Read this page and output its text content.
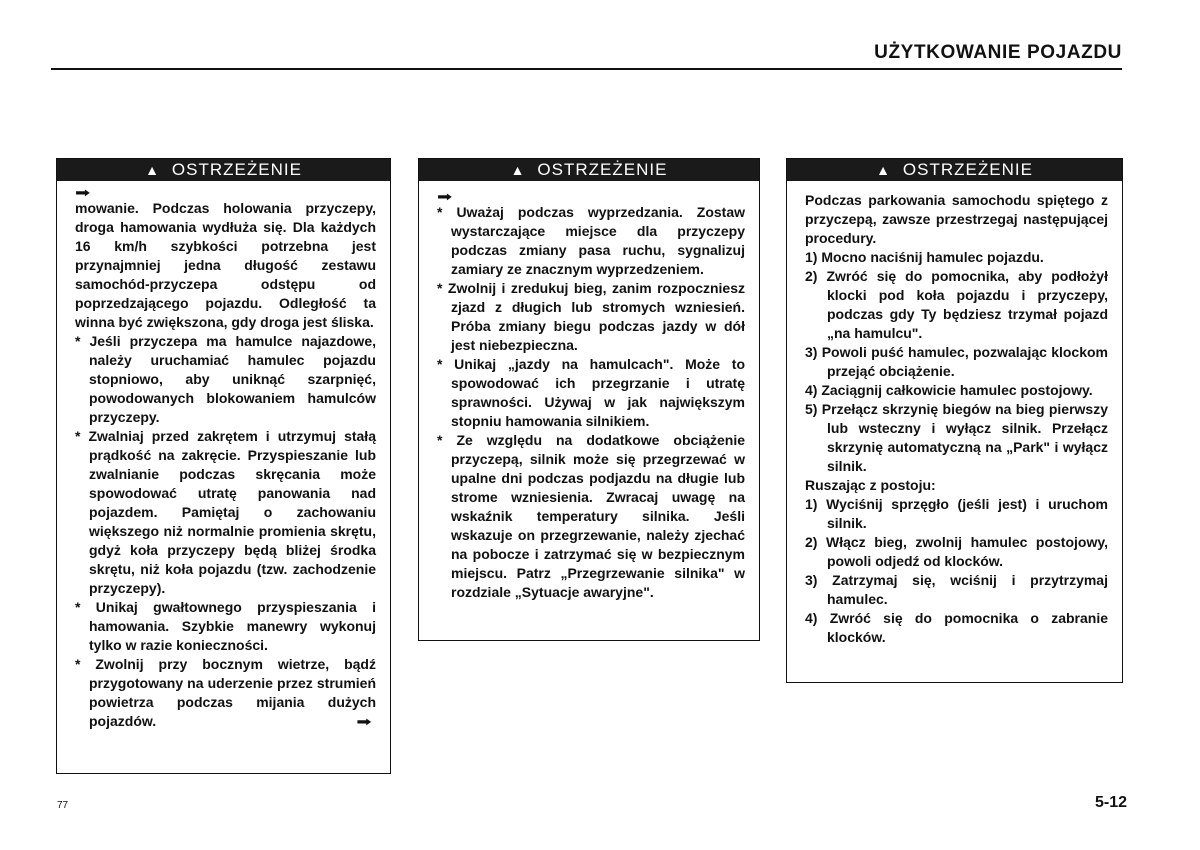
UŻYTKOWANIE POJAZDU
▲ OSTRZEŻENIE
➡

mowanie. Podczas holowania przyczepy, droga hamowania wydłuża się. Dla każdych 16 km/h szybkości potrzebna jest przynajmniej jedna długość zestawu samochód-przyczepa odstępu od poprzedzającego pojazdu. Odległość ta winna być zwiększona, gdy droga jest śliska.

* Jeśli przyczepa ma hamulce najazdowe, należy uruchamiać hamulec pojazdu stopniowo, aby uniknąć szarpnięć, powodowanych blokowaniem hamulców przyczepy.

* Zwalniaj przed zakrętem i utrzymuj stałą prądkość na zakręcie. Przyspieszanie lub zwalnianie podczas skręcania może spowodować utratę panowania nad pojazdem. Pamiętaj o zachowaniu większego niż normalnie promienia skrętu, gdyż koła przyczepy będą bliżej środka skrętu, niż koła pojazdu (tzw. zachodzenie przyczepy).

* Unikaj gwałtownego przyspieszania i hamowania. Szybkie manewry wykonuj tylko w razie konieczności.

* Zwolnij przy bocznym wietrze, bądź przygotowany na uderzenie przez strumień powietrza podczas mijania dużych pojazdów.	➡

▲ OSTRZEŻENIE
➡

* Uważaj podczas wyprzedzania. Zostaw wystarczające miejsce dla przyczepy podczas zmiany pasa ruchu, sygnalizuj zamiary ze znacznym wyprzedzeniem.

* Zwolnij i zredukuj bieg, zanim rozpoczniesz zjazd z długich lub stromych wzniesień. Próba zmiany biegu podczas jazdy w dół jest niebezpieczna.

* Unikaj „jazdy na hamulcach". Może to spowodować ich przegrzanie i utratę sprawności. Używaj w jak największym stopniu hamowania silnikiem.

* Ze względu na dodatkowe obciążenie przyczepą, silnik może się przegrzewać w upalne dni podczas podjazdu na długie lub strome wzniesienia. Zwracaj uwagę na wskaźnik temperatury silnika. Jeśli wskazuje on przegrzewanie, należy zjechać na pobocze i zatrzymać się w bezpiecznym miejscu. Patrz „Przegrzewanie silnika" w rozdziale „Sytuacje awaryjne".

▲ OSTRZEŻENIE

Podczas parkowania samochodu spiętego z przyczepą, zawsze przestrzegaj następującej procedury.

1) Mocno naciśnij hamulec pojazdu.

2) Zwróć się do pomocnika, aby podłożył klocki pod koła pojazdu i przyczepy, podczas gdy Ty będziesz trzymał pojazd „na hamulcu".

3) Powoli puść hamulec, pozwalając klockom przejąć obciążenie.

4) Zaciągnij całkowicie hamulec postojowy.

5) Przełącz skrzynię biegów na bieg pierwszy lub wsteczny i wyłącz silnik. Przełącz skrzynię automatyczną na „Park" i wyłącz silnik.

Ruszając z postoju:

1) Wyciśnij sprzęgło (jeśli jest) i uruchom silnik.

2) Włącz bieg, zwolnij hamulec postojowy, powoli odjedź od klocków.

3) Zatrzymaj się, wciśnij i przytrzymaj hamulec.

4) Zwróć się do pomocnika o zabranie klocków.

77	5-12
